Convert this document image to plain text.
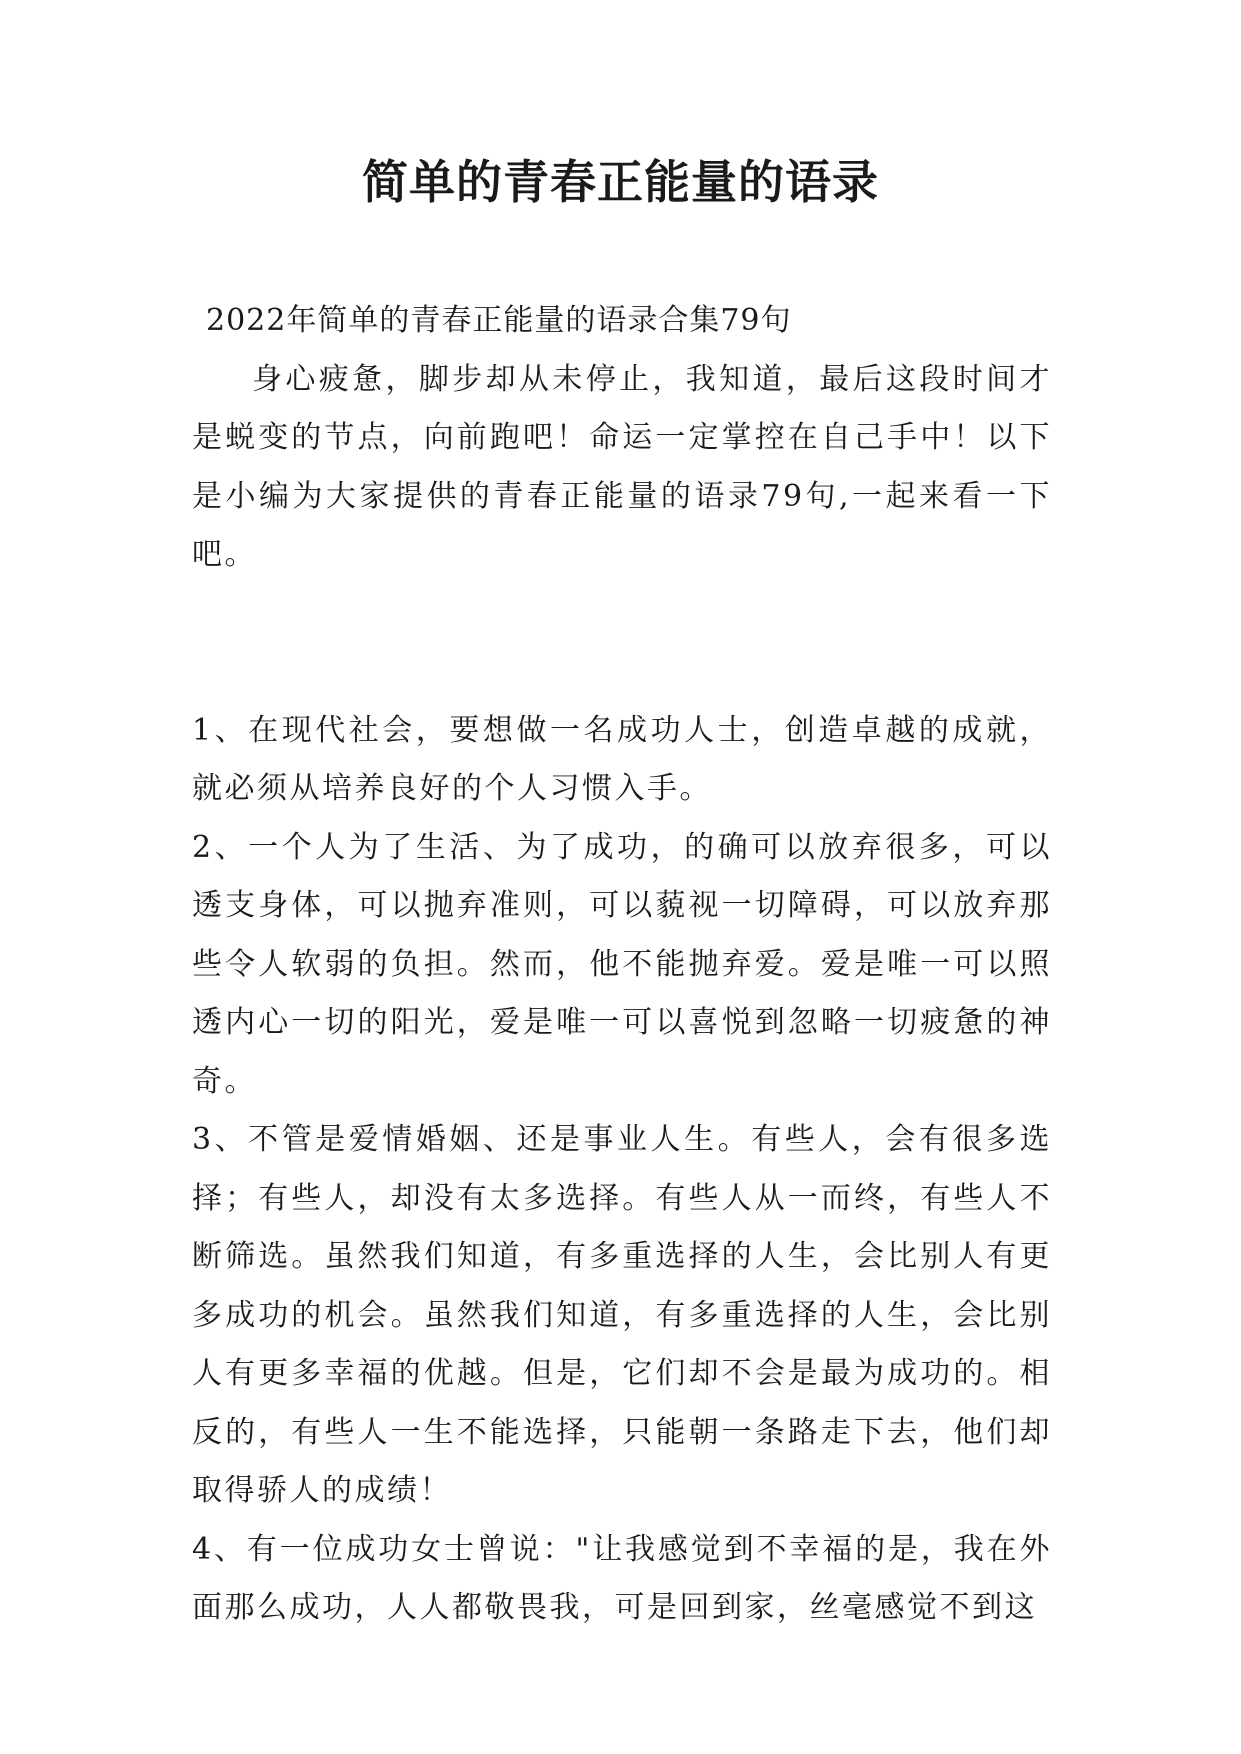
简单的青春正能量的语录

2022年简单的青春正能量的语录合集79句

身心疲惫，脚步却从未停止，我知道，最后这段时间才是蜕变的节点，向前跑吧！命运一定掌控在自己手中！以下是小编为大家提供的青春正能量的语录79句,一起来看一下吧。

1、在现代社会，要想做一名成功人士，创造卓越的成就，就必须从培养良好的个人习惯入手。

2、一个人为了生活、为了成功，的确可以放弃很多，可以透支身体，可以抛弃准则，可以藐视一切障碍，可以放弃那些令人软弱的负担。然而，他不能抛弃爱。爱是唯一可以照透内心一切的阳光，爱是唯一可以喜悦到忽略一切疲惫的神奇。

3、不管是爱情婚姻、还是事业人生。有些人，会有很多选择；有些人，却没有太多选择。有些人从一而终，有些人不断筛选。虽然我们知道，有多重选择的人生，会比别人有更多成功的机会。虽然我们知道，有多重选择的人生，会比别人有更多幸福的优越。但是，它们却不会是最为成功的。相反的，有些人一生不能选择，只能朝一条路走下去，他们却取得骄人的成绩！

4、有一位成功女士曾说："让我感觉到不幸福的是，我在外面那么成功，人人都敬畏我，可是回到家，丝毫感觉不到这
